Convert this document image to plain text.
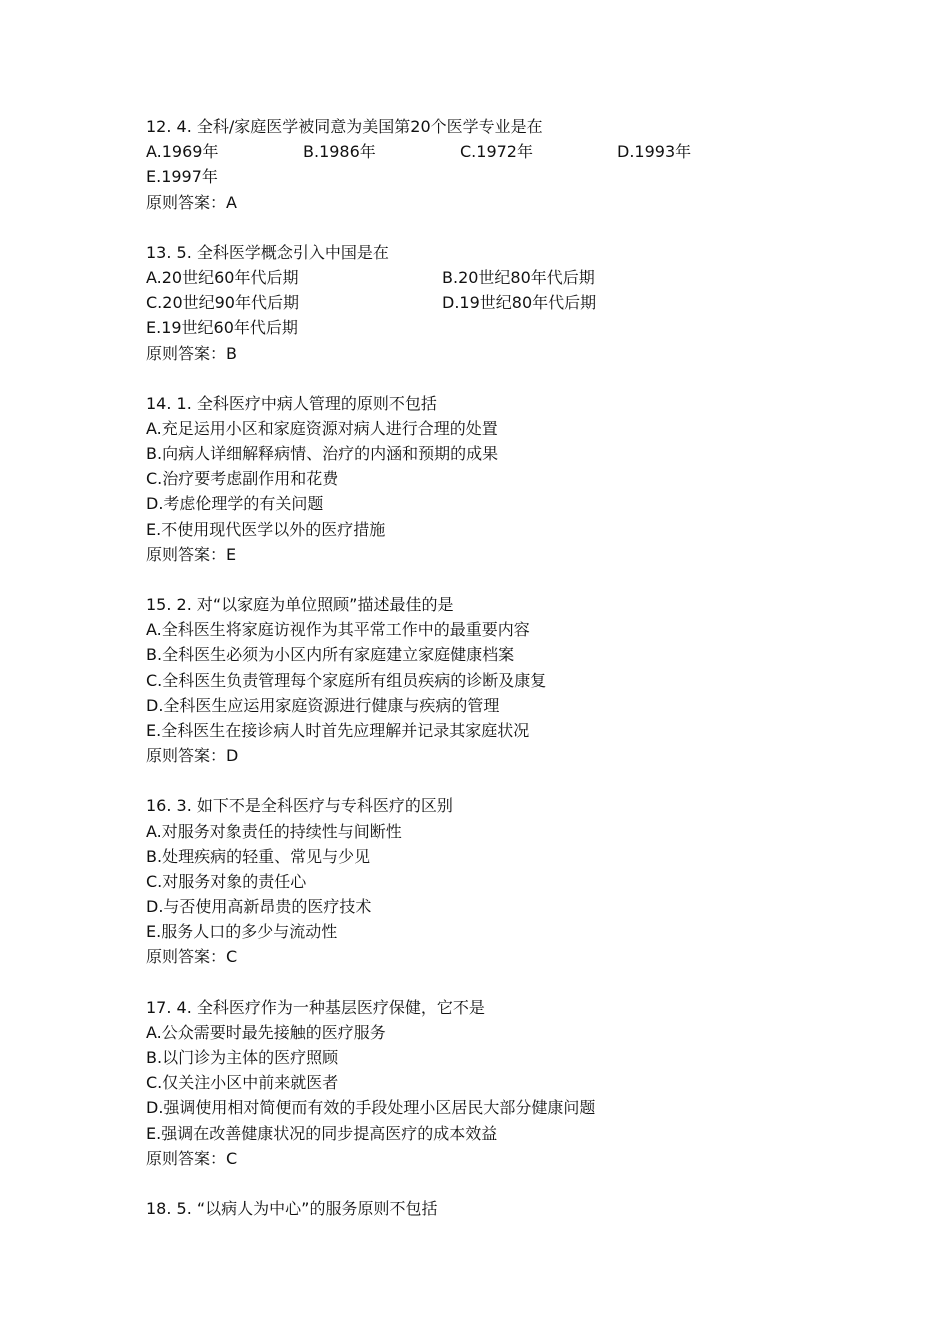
12. 4. 全科/家庭医学被同意为美国第20个医学专业是在
A.1969年	B.1986年	C.1972年	D.1993年
E.1997年
原则答案：A
13. 5. 全科医学概念引入中国是在
A.20世纪60年代后期	B.20世纪80年代后期
C.20世纪90年代后期	D.19世纪80年代后期
E.19世纪60年代后期
原则答案：B
14. 1. 全科医疗中病人管理的原则不包括
A.充足运用小区和家庭资源对病人进行合理的处置
B.向病人详细解释病情、治疗的内涵和预期的成果
C.治疗要考虑副作用和花费
D.考虑伦理学的有关问题
E.不使用现代医学以外的医疗措施
原则答案：E
15. 2. 对“以家庭为单位照顾”描述最佳的是
A.全科医生将家庭访视作为其平常工作中的最重要内容
B.全科医生必须为小区内所有家庭建立家庭健康档案
C.全科医生负责管理每个家庭所有组员疾病的诊断及康复
D.全科医生应运用家庭资源进行健康与疾病的管理
E.全科医生在接诊病人时首先应理解并记录其家庭状况
原则答案：D
16. 3. 如下不是全科医疗与专科医疗的区别
A.对服务对象责任的持续性与间断性
B.处理疾病的轻重、常见与少见
C.对服务对象的责任心
D.与否使用高新昂贵的医疗技术
E.服务人口的多少与流动性
原则答案：C
17. 4. 全科医疗作为一种基层医疗保健，它不是
A.公众需要时最先接触的医疗服务
B.以门诊为主体的医疗照顾
C.仅关注小区中前来就医者
D.强调使用相对简便而有效的手段处理小区居民大部分健康问题
E.强调在改善健康状况的同步提高医疗的成本效益
原则答案：C
18. 5. “以病人为中心”的服务原则不包括
